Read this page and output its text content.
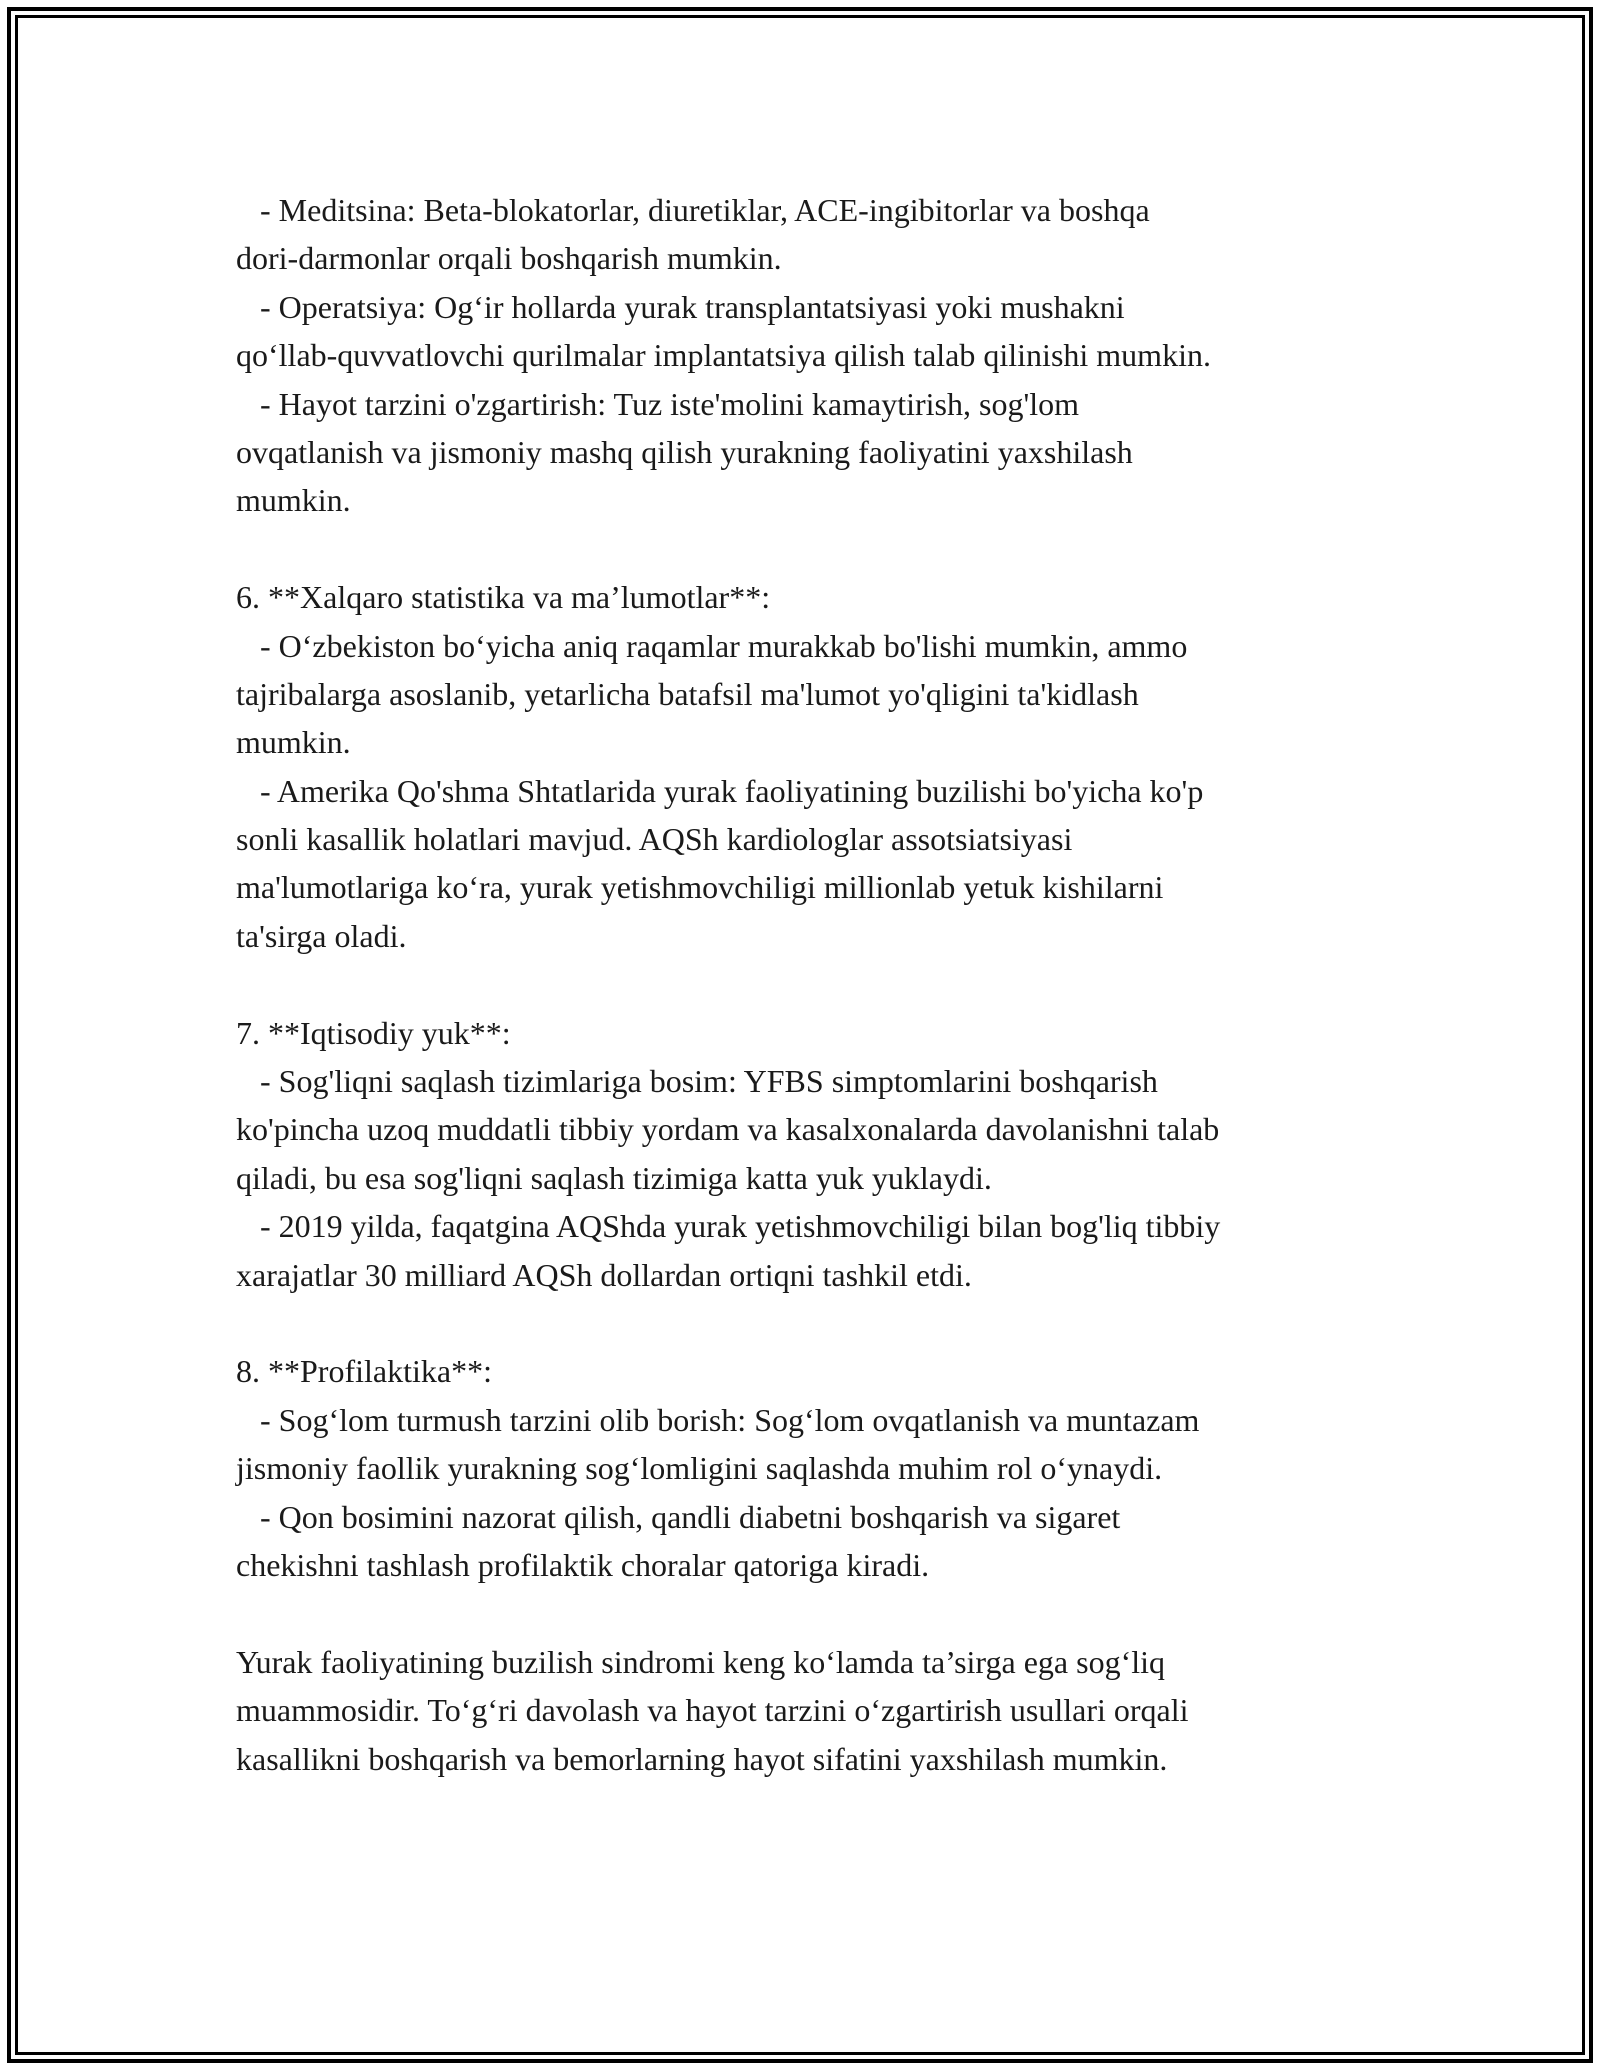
- Meditsina: Beta-blokatorlar, diuretiklar, ACE-ingibitorlar va boshqa
dori-darmonlar orqali boshqarish mumkin.
- Operatsiya: Og‘ir hollarda yurak transplantatsiyasi yoki mushakni
qo‘llab-quvvatlovchi qurilmalar implantatsiya qilish talab qilinishi mumkin.
- Hayot tarzini o'zgartirish: Tuz iste'molini kamaytirish, sog'lom
ovqatlanish va jismoniy mashq qilish yurakning faoliyatini yaxshilash
mumkin.
6. **Xalqaro statistika va ma’lumotlar**:
- O‘zbekiston bo‘yicha aniq raqamlar murakkab bo'lishi mumkin, ammo
tajribalarga asoslanib, yetarlicha batafsil ma'lumot yo'qligini ta'kidlash
mumkin.
- Amerika Qo'shma Shtatlarida yurak faoliyatining buzilishi bo'yicha ko'p
sonli kasallik holatlari mavjud. AQSh kardiologlar assotsiatsiyasi
ma'lumotlariga ko‘ra, yurak yetishmovchiligi millionlab yetuk kishilarni
ta'sirga oladi.
7. **Iqtisodiy yuk**:
- Sog'liqni saqlash tizimlariga bosim: YFBS simptomlarini boshqarish
ko'pincha uzoq muddatli tibbiy yordam va kasalxonalarda davolanishni talab
qiladi, bu esa sog'liqni saqlash tizimiga katta yuk yuklaydi.
- 2019 yilda, faqatgina AQShda yurak yetishmovchiligi bilan bog'liq tibbiy
xarajatlar 30 milliard AQSh dollardan ortiqni tashkil etdi.
8. **Profilaktika**:
- Sog‘lom turmush tarzini olib borish: Sog‘lom ovqatlanish va muntazam
jismoniy faollik yurakning sog‘lomligini saqlashda muhim rol o‘ynaydi.
- Qon bosimini nazorat qilish, qandli diabetni boshqarish va sigaret
chekishni tashlash profilaktik choralar qatoriga kiradi.
Yurak faoliyatining buzilish sindromi keng ko‘lamda ta’sirga ega sog‘liq
muammosidir. To‘g‘ri davolash va hayot tarzini o‘zgartirish usullari orqali
kasallikni boshqarish va bemorlarning hayot sifatini yaxshilash mumkin.
